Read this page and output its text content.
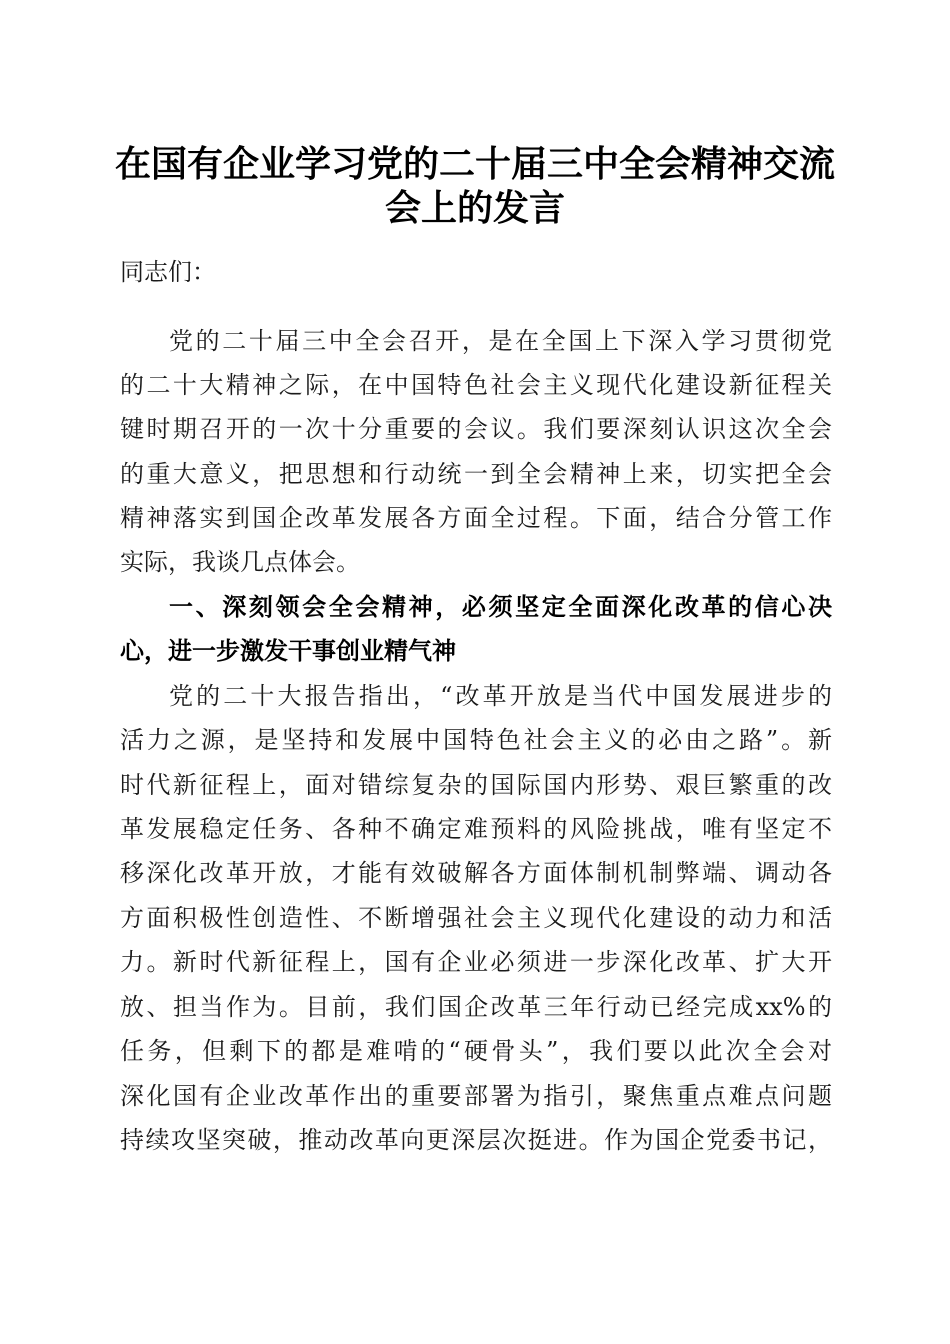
在国有企业学习党的二十届三中全会精神交流
会上的发言
同志们：
党的二十届三中全会召开，是在全国上下深入学习贯彻党
的二十大精神之际，在中国特色社会主义现代化建设新征程关
键时期召开的一次十分重要的会议。我们要深刻认识这次全会
的重大意义，把思想和行动统一到全会精神上来，切实把全会
精神落实到国企改革发展各方面全过程。下面，结合分管工作
实际，我谈几点体会。
一、深刻领会全会精神，必须坚定全面深化改革的信心决
心，进一步激发干事创业精气神
党的二十大报告指出，“改革开放是当代中国发展进步的
活力之源，是坚持和发展中国特色社会主义的必由之路”。新
时代新征程上，面对错综复杂的国际国内形势、艰巨繁重的改
革发展稳定任务、各种不确定难预料的风险挑战，唯有坚定不
移深化改革开放，才能有效破解各方面体制机制弊端、调动各
方面积极性创造性、不断增强社会主义现代化建设的动力和活
力。新时代新征程上，国有企业必须进一步深化改革、扩大开
放、担当作为。目前，我们国企改革三年行动已经完成xx%的
任务，但剩下的都是难啃的“硬骨头”，我们要以此次全会对
深化国有企业改革作出的重要部署为指引，聚焦重点难点问题
持续攻坚突破，推动改革向更深层次挺进。作为国企党委书记，
